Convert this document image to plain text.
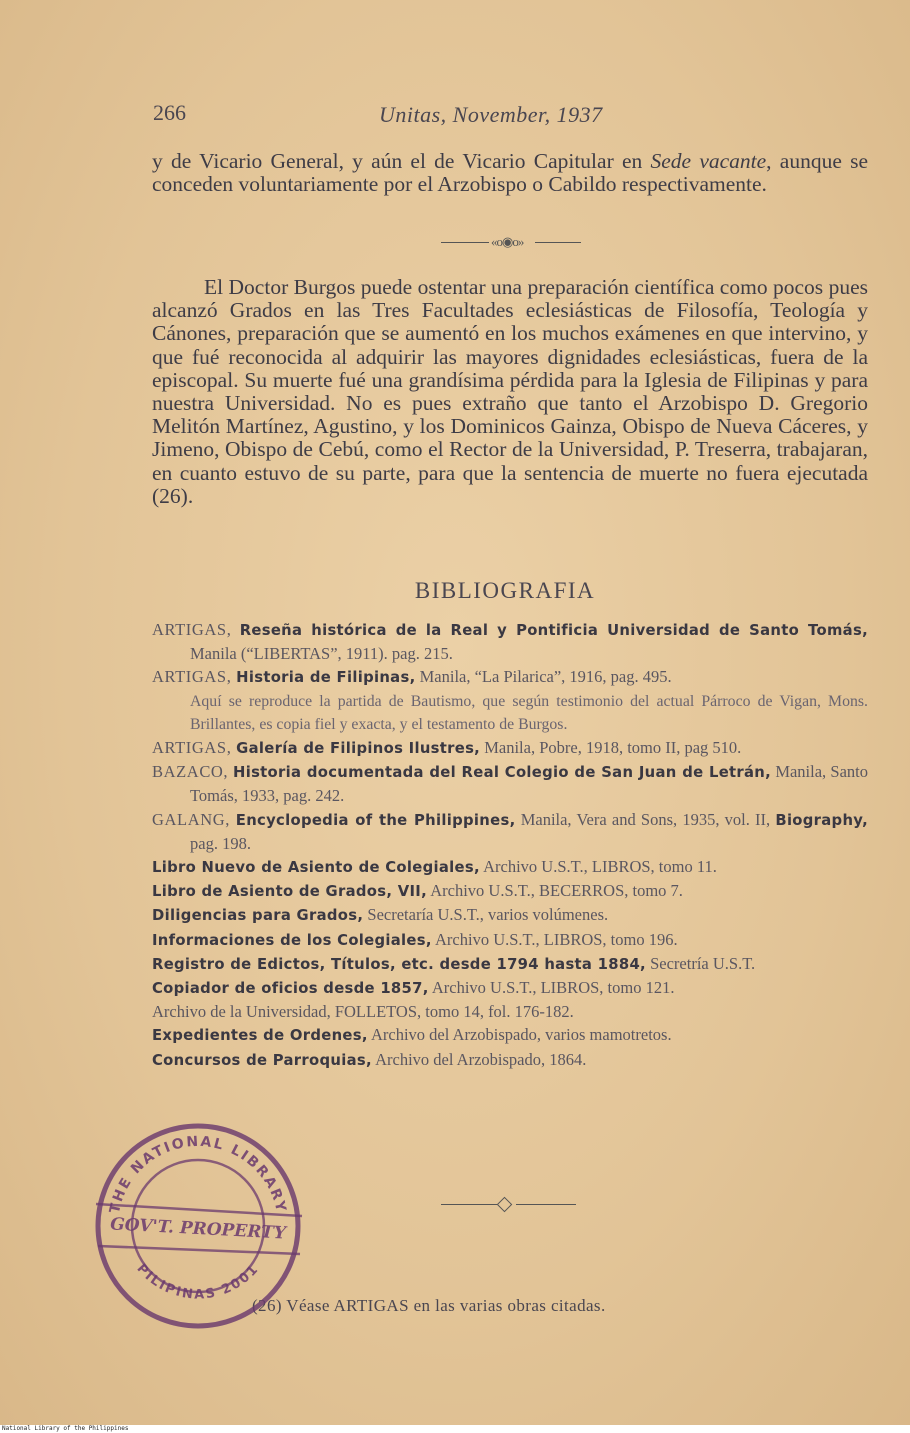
266	Unitas, November, 1937
y de Vicario General, y aún el de Vicario Capitular en Sede vacante, aunque se conceden voluntariamente por el Arzobispo o Cabildo respectivamente.
«o◉o»
El Doctor Burgos puede ostentar una preparación científica como pocos pues alcanzó Grados en las Tres Facultades eclesiásticas de Filosofía, Teología y Cánones, preparación que se aumentó en los muchos exámenes en que intervino, y que fué reconocida al adquirir las mayores dignidades eclesiásticas, fuera de la episcopal. Su muerte fué una grandísima pérdida para la Iglesia de Filipinas y para nuestra Universidad. No es pues extraño que tanto el Arzobispo D. Gregorio Melitón Martínez, Agustino, y los Dominicos Gainza, Obispo de Nueva Cáceres, y Jimeno, Obispo de Cebú, como el Rector de la Universidad, P. Treserra, trabajaran, en cuanto estuvo de su parte, para que la sentencia de muerte no fuera ejecutada (26).
BIBLIOGRAFIA
ARTIGAS, Reseña histórica de la Real y Pontificia Universidad de Santo Tomás, Manila (“LIBERTAS”, 1911). pag. 215.
ARTIGAS, Historia de Filipinas, Manila, “La Pilarica”, 1916, pag. 495.
Aquí se reproduce la partida de Bautismo, que según testimonio del actual Párroco de Vigan, Mons. Brillantes, es copia fiel y exacta, y el testamento de Burgos.
ARTIGAS, Galería de Filipinos Ilustres, Manila, Pobre, 1918, tomo II, pag 510.
BAZACO, Historia documentada del Real Colegio de San Juan de Letrán, Manila, Santo Tomás, 1933, pag. 242.
GALANG, Encyclopedia of the Philippines, Manila, Vera and Sons, 1935, vol. II, Biography, pag. 198.
Libro Nuevo de Asiento de Colegiales, Archivo U.S.T., LIBROS, tomo 11.
Libro de Asiento de Grados, VII, Archivo U.S.T., BECERROS, tomo 7.
Diligencias para Grados, Secretaría U.S.T., varios volúmenes.
Informaciones de los Colegiales, Archivo U.S.T., LIBROS, tomo 196.
Registro de Edictos, Títulos, etc. desde 1794 hasta 1884, Secretría U.S.T.
Copiador de oficios desde 1857, Archivo U.S.T., LIBROS, tomo 121.
Archivo de la Universidad, FOLLETOS, tomo 14, fol. 176-182.
Expedientes de Ordenes, Archivo del Arzobispado, varios mamotretos.
Concursos de Parroquias, Archivo del Arzobispado, 1864.
(26) Véase ARTIGAS en las varias obras citadas.
THE NATIONAL LIBRARY
GOV'T. PROPERTY
PILIPINAS 2001
National Library of the Philippines
